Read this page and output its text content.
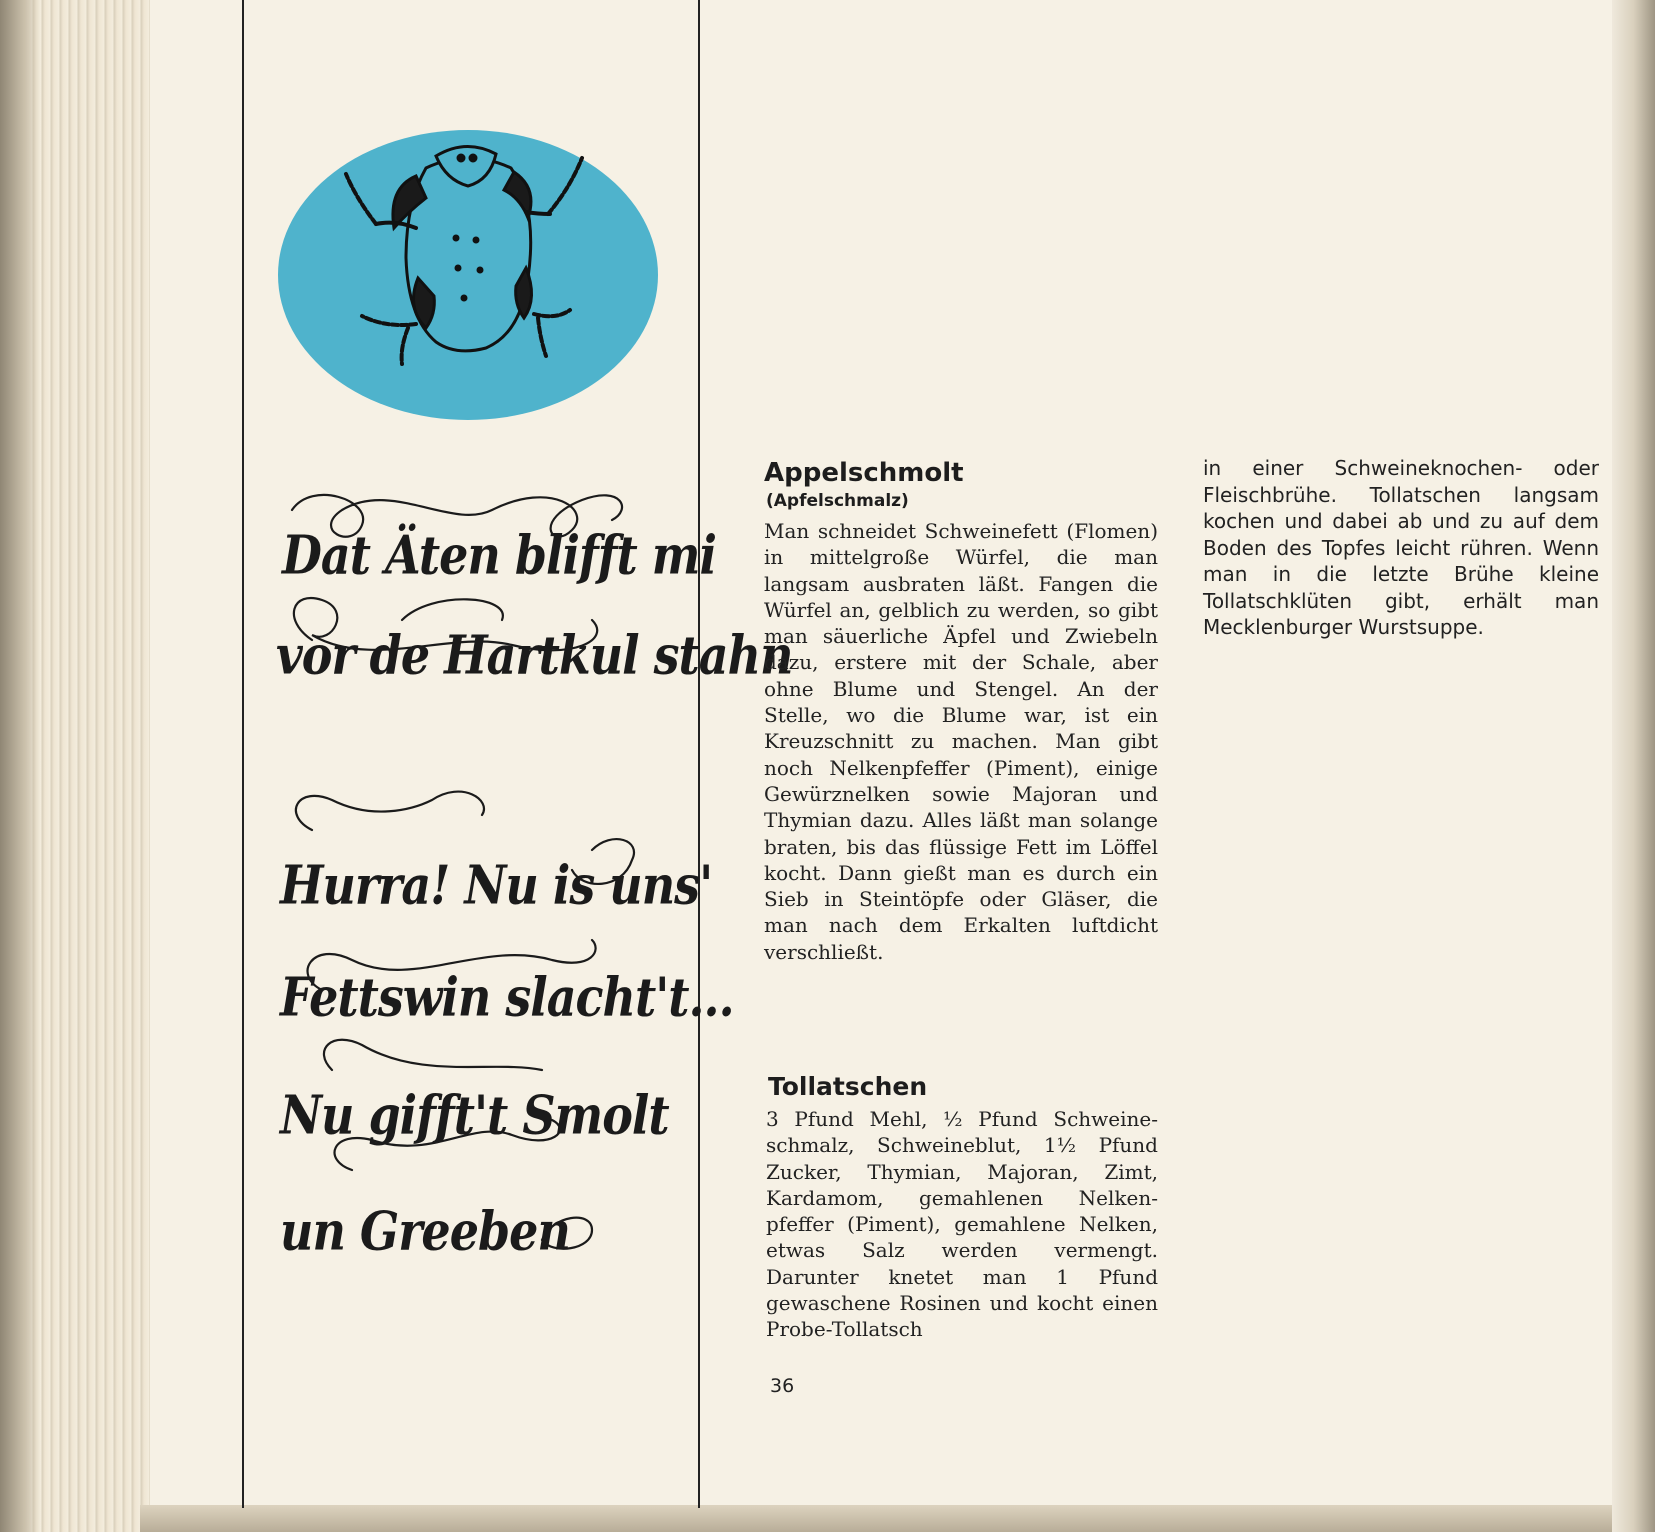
Dat Äten blifft mi

vor de Hartkul stahn

Hurra! Nu is uns'

Fettswin slacht't...

Nu gifft't Smolt

un Greeben

Appelschmolt

(Apfelschmalz)

Man schneidet Schweinefett (Flomen) in mittelgroße Würfel, die man langsam ausbraten läßt. Fangen die Würfel an, gelblich zu werden, so gibt man säuerliche Äpfel und Zwiebeln dazu, erstere mit der Schale, aber ohne Blume und Stengel. An der Stelle, wo die Blume war, ist ein Kreuzschnitt zu machen. Man gibt noch Nelkenpfeffer (Piment), einige Gewürznelken sowie Majoran und Thymian dazu. Alles läßt man solange braten, bis das flüssige Fett im Löffel kocht. Dann gießt man es durch ein Sieb in Steintöpfe oder Gläser, die man nach dem Erkalten luftdicht verschließt.

Tollatschen

3 Pfund Mehl, ½ Pfund Schweineschmalz, Schweineblut, 1½ Pfund Zucker, Thymian, Majoran, Zimt, Kardamom, gemahlenen Nelkenpfeffer (Piment), gemahlene Nelken, etwas Salz werden vermengt. Darunter knetet man 1 Pfund gewaschene Rosinen und kocht einen Probe-Tollatsch

in einer Schweineknochen- oder Fleischbrühe. Tollatschen langsam kochen und dabei ab und zu auf dem Boden des Topfes leicht rühren. Wenn man in die letzte Brühe kleine Tollatschklüten gibt, erhält man Mecklenburger Wurstsuppe.

36
